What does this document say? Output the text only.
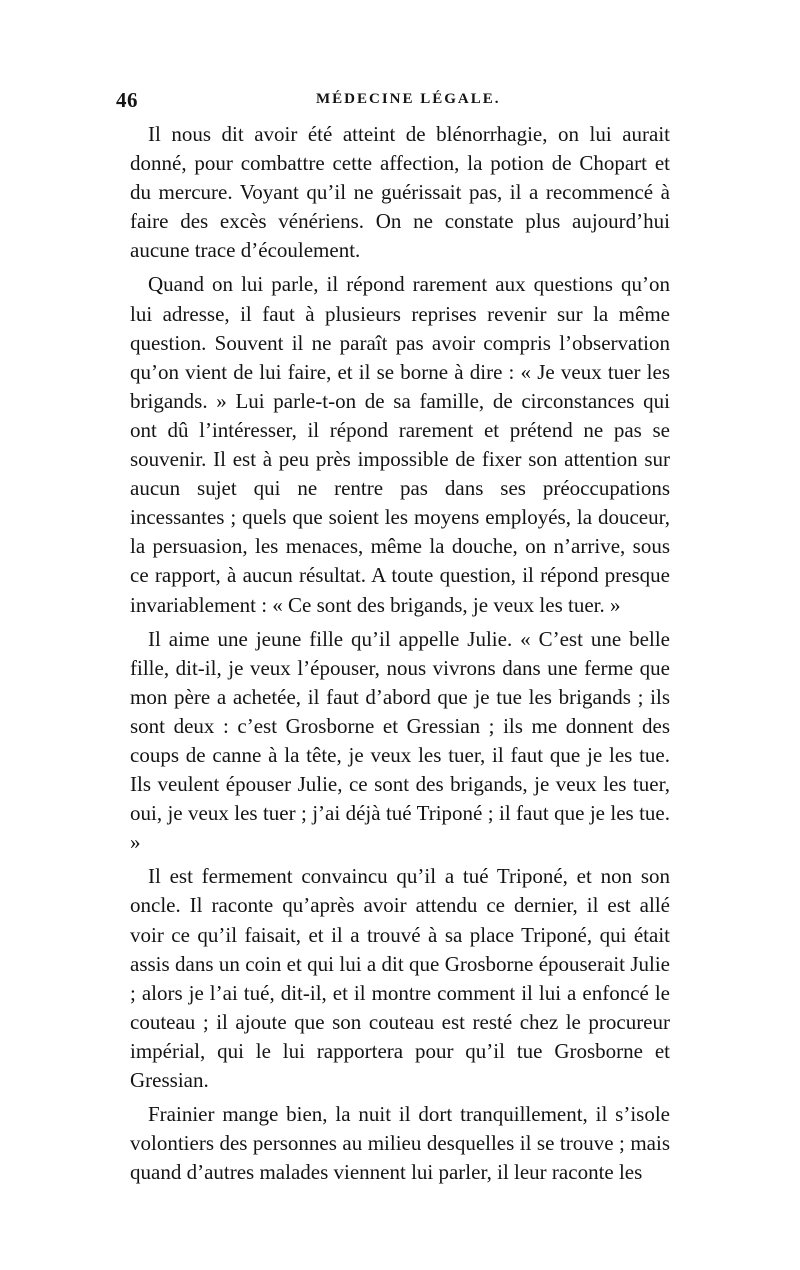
46	MÉDECINE LÉGALE.

Il nous dit avoir été atteint de blénorrhagie, on lui aurait donné, pour combattre cette affection, la potion de Chopart et du mercure. Voyant qu’il ne guérissait pas, il a recommencé à faire des excès vénériens. On ne constate plus aujourd’hui aucune trace d’écoulement.

Quand on lui parle, il répond rarement aux questions qu’on lui adresse, il faut à plusieurs reprises revenir sur la même question. Souvent il ne paraît pas avoir compris l’observation qu’on vient de lui faire, et il se borne à dire : « Je veux tuer les brigands. » Lui parle-t-on de sa famille, de circonstances qui ont dû l’intéresser, il répond rarement et prétend ne pas se souvenir. Il est à peu près impossible de fixer son attention sur aucun sujet qui ne rentre pas dans ses préoccupations incessantes ; quels que soient les moyens employés, la douceur, la persuasion, les menaces, même la douche, on n’arrive, sous ce rapport, à aucun résultat. A toute question, il répond presque invariablement : « Ce sont des brigands, je veux les tuer. »

Il aime une jeune fille qu’il appelle Julie. « C’est une belle fille, dit-il, je veux l’épouser, nous vivrons dans une ferme que mon père a achetée, il faut d’abord que je tue les brigands ; ils sont deux : c’est Grosborne et Gressian ; ils me donnent des coups de canne à la tête, je veux les tuer, il faut que je les tue. Ils veulent épouser Julie, ce sont des brigands, je veux les tuer, oui, je veux les tuer ; j’ai déjà tué Triponé ; il faut que je les tue. »

Il est fermement convaincu qu’il a tué Triponé, et non son oncle. Il raconte qu’après avoir attendu ce dernier, il est allé voir ce qu’il faisait, et il a trouvé à sa place Triponé, qui était assis dans un coin et qui lui a dit que Grosborne épouserait Julie ; alors je l’ai tué, dit-il, et il montre comment il lui a enfoncé le couteau ; il ajoute que son couteau est resté chez le procureur impérial, qui le lui rapportera pour qu’il tue Grosborne et Gressian.

Frainier mange bien, la nuit il dort tranquillement, il s’isole volontiers des personnes au milieu desquelles il se trouve ; mais quand d’autres malades viennent lui parler, il leur raconte les
